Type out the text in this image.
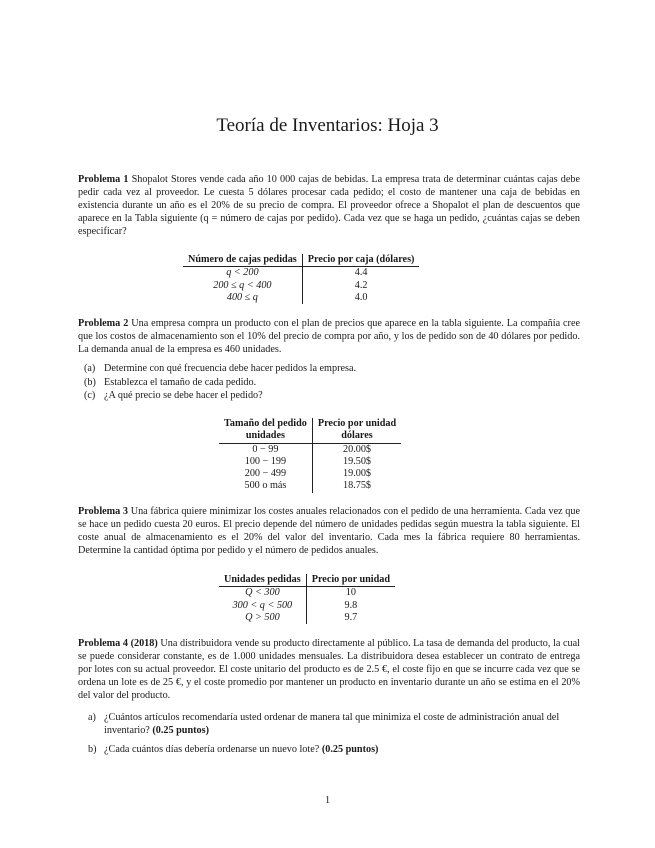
Teoría de Inventarios: Hoja 3

Problema 1 Shopalot Stores vende cada año 10 000 cajas de bebidas. La empresa trata de determinar cuántas cajas debe pedir cada vez al proveedor. Le cuesta 5 dólares procesar cada pedido; el costo de mantener una caja de bebidas en existencia durante un año es el 20% de su precio de compra. El proveedor ofrece a Shopalot el plan de descuentos que aparece en la Tabla siguiente (q = número de cajas por pedido). Cada vez que se haga un pedido, ¿cuántas cajas se deben especificar?

Número de cajas pedidas	Precio por caja (dólares)
q < 200	4.4
200 ≤ q < 400	4.2
400 ≤ q	4.0

Problema 2 Una empresa compra un producto con el plan de precios que aparece en la tabla siguiente. La compañía cree que los costos de almacenamiento son el 10% del precio de compra por año, y los de pedido son de 40 dólares por pedido. La demanda anual de la empresa es 460 unidades.

(a) Determine con qué frecuencia debe hacer pedidos la empresa.
(b) Establezca el tamaño de cada pedido.
(c) ¿A qué precio se debe hacer el pedido?
Tamaño del pedido	Precio por unidad
unidades	dólares
0 − 99	20.00$
100 − 199	19.50$
200 − 499	19.00$
500 o más	18.75$

Problema 3 Una fábrica quiere minimizar los costes anuales relacionados con el pedido de una herramienta. Cada vez que se hace un pedido cuesta 20 euros. El precio depende del número de unidades pedidas según muestra la tabla siguiente. El coste anual de almacenamiento es el 20% del valor del inventario. Cada mes la fábrica requiere 80 herramientas. Determine la cantidad óptima por pedido y el número de pedidos anuales.

Unidades pedidas	Precio por unidad
Q < 300	10
300 < q < 500	9.8
Q > 500	9.7

Problema 4 (2018) Una distribuidora vende su producto directamente al público. La tasa de demanda del producto, la cual se puede considerar constante, es de 1.000 unidades mensuales. La distribuidora desea establecer un contrato de entrega por lotes con su actual proveedor. El coste unitario del producto es de 2.5 €, el coste fijo en que se incurre cada vez que se ordena un lote es de 25 €, y el coste promedio por mantener un producto en inventario durante un año se estima en el 20% del valor del producto.

a) ¿Cuántos artículos recomendaría usted ordenar de manera tal que minimiza el coste de administración anual del inventario? (0.25 puntos)
b) ¿Cada cuántos días debería ordenarse un nuevo lote? (0.25 puntos)
1
